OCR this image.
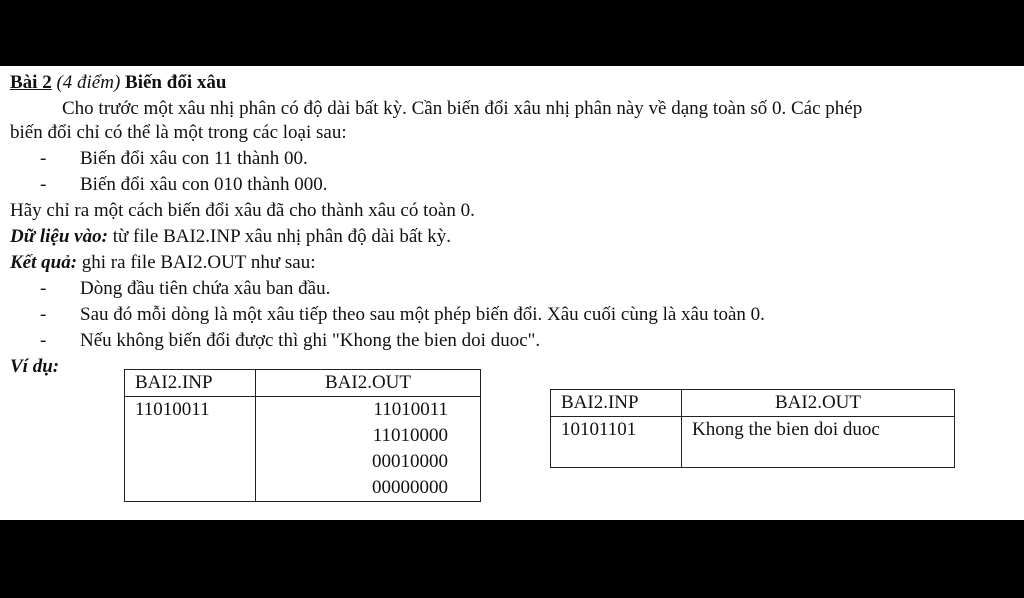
Bài 2 (4 điểm) Biến đổi xâu
Cho trước một xâu nhị phân có độ dài bất kỳ. Cần biến đổi xâu nhị phân này về dạng toàn số 0. Các phép
biến đổi chỉ có thể là một trong các loại sau:
- Biến đổi xâu con 11 thành 00.
- Biến đổi xâu con 010 thành 000.
Hãy chỉ ra một cách biến đổi xâu đã cho thành xâu có toàn 0.
Dữ liệu vào: từ file BAI2.INP xâu nhị phân độ dài bất kỳ.
Kết quả: ghi ra file BAI2.OUT như sau:
- Dòng đầu tiên chứa xâu ban đầu.
- Sau đó mỗi dòng là một xâu tiếp theo sau một phép biến đổi. Xâu cuối cùng là xâu toàn 0.
- Nếu không biến đổi được thì ghi "Khong the bien doi duoc".
Ví dụ:
BAI2.INP	BAI2.OUT
11010011	11010011
11010000
00010000
00000000
BAI2.INP	BAI2.OUT
10101101	Khong the bien doi duoc
